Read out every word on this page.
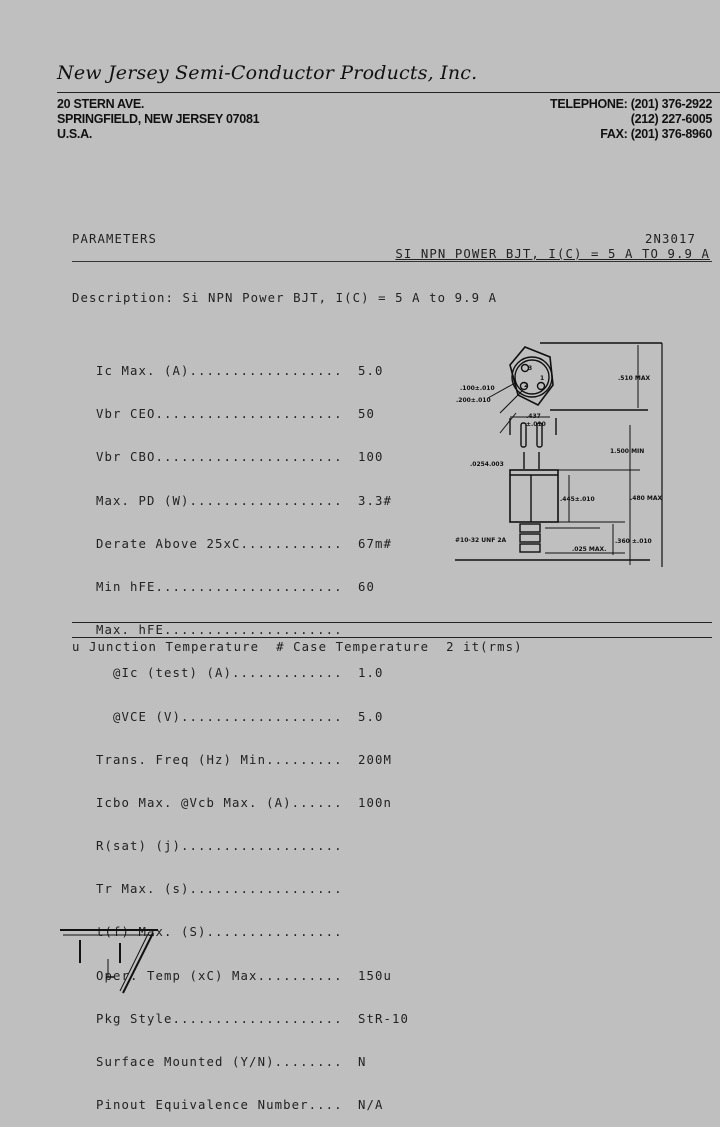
New Jersey Semi-Conductor Products, Inc.
20 STERN AVE.
SPRINGFIELD, NEW JERSEY 07081
U.S.A.
TELEPHONE: (201) 376-2922
(212) 227-6005
FAX: (201) 376-8960
PARAMETERS	2N3017
SI NPN POWER BJT, I(C) = 5 A TO 9.9 A
Description: Si NPN Power BJT, I(C) = 5 A to 9.9 A

Ic Max. (A)..................	5.0

Vbr CEO......................	50

Vbr CBO......................	100

Max. PD (W)..................	3.3#

Derate Above 25xC............	67m#

Min hFE......................	60

Max. hFE.....................

@Ic (test) (A).............	1.0

@VCE (V)...................	5.0

Trans. Freq (Hz) Min.........	200M

Icbo Max. @Vcb Max. (A)......	100n

R(sat) (j)...................

Tr Max. (s)..................

t(f) Max. (S)................

Oper. Temp (xC) Max..........	150u

Pkg Style....................	StR-10

Surface Mounted (Y/N)........	N

Pinout Equivalence Number....	N/A

3
2
1	.510 MAX
.100±.010
.200±.010
.437
±.010
1.500 MIN
.0254.003
.445±.010	.480 MAX
.025 MAX.
.360 ±.010
#10-32 UNF 2A
u Junction Temperature  # Case Temperature  2 it(rms)
